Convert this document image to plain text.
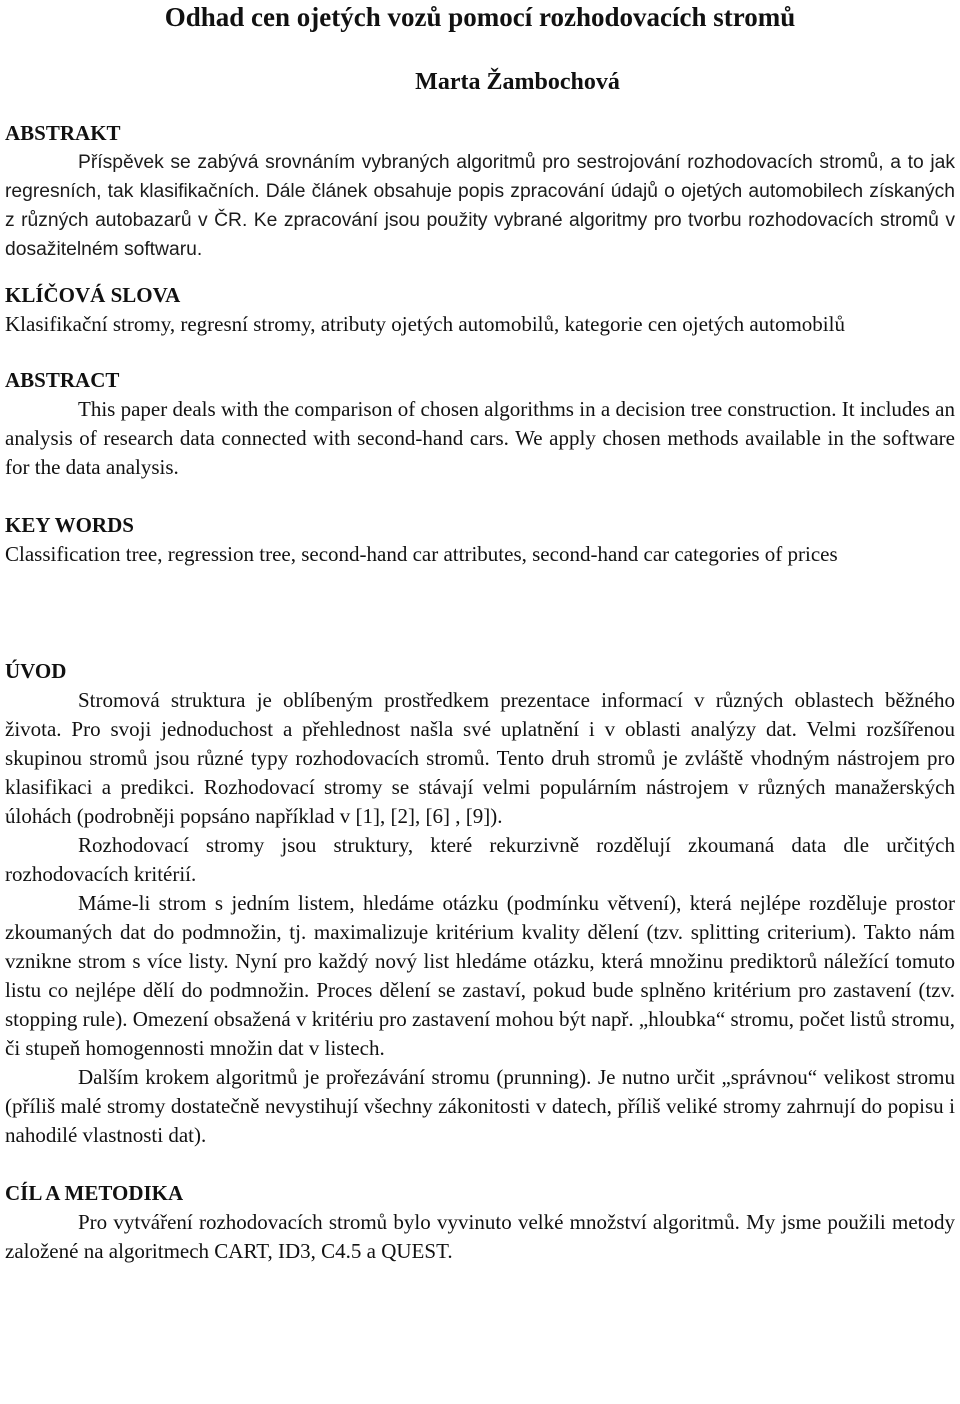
Odhad cen ojetých vozů pomocí rozhodovacích stromů
Marta Žambochová
ABSTRAKT

Příspěvek se zabývá srovnáním vybraných algoritmů pro sestrojování rozhodovacích stromů, a to jak regresních, tak klasifikačních. Dále článek obsahuje popis zpracování údajů o ojetých automobilech získaných z různých autobazarů v ČR. Ke zpracování jsou použity vybrané algoritmy pro tvorbu rozhodovacích stromů v dosažitelném softwaru.

KLÍČOVÁ SLOVA

Klasifikační stromy, regresní stromy, atributy ojetých automobilů, kategorie cen ojetých automobilů

ABSTRACT

This paper deals with the comparison of chosen algorithms in a decision tree construction. It includes an analysis of research data connected with second-hand cars. We apply chosen methods available in the software for the data analysis.

KEY WORDS

Classification tree, regression tree, second-hand car attributes, second-hand car categories of prices

ÚVOD

Stromová struktura je oblíbeným prostředkem prezentace informací v různých oblastech běžného života. Pro svoji jednoduchost a přehlednost našla své uplatnění i v oblasti analýzy dat. Velmi rozšířenou skupinou stromů jsou různé typy rozhodovacích stromů. Tento druh stromů je zvláště vhodným nástrojem pro klasifikaci a predikci. Rozhodovací stromy se stávají velmi populárním nástrojem v různých manažerských úlohách (podrobněji popsáno například v [1], [2], [6] , [9]).

Rozhodovací stromy jsou struktury, které rekurzivně rozdělují zkoumaná data dle určitých rozhodovacích kritérií.

Máme-li strom s jedním listem, hledáme otázku (podmínku větvení), která nejlépe rozděluje prostor zkoumaných dat do podmnožin, tj. maximalizuje kritérium kvality dělení (tzv. splitting criterium). Takto nám vznikne strom s více listy. Nyní pro každý nový list hledáme otázku, která množinu prediktorů náležící tomuto listu co nejlépe dělí do podmnožin. Proces dělení se zastaví, pokud bude splněno kritérium pro zastavení (tzv. stopping rule). Omezení obsažená v kritériu pro zastavení mohou být např. „hloubka“ stromu, počet listů stromu, či stupeň homogennosti množin dat v listech.

Dalším krokem algoritmů je prořezávání stromu (prunning). Je nutno určit „správnou“ velikost stromu (příliš malé stromy dostatečně nevystihují všechny zákonitosti v datech, příliš veliké stromy zahrnují do popisu i nahodilé vlastnosti dat).

CÍL A METODIKA

Pro vytváření rozhodovacích stromů bylo vyvinuto velké množství algoritmů. My jsme použili metody založené na algoritmech CART, ID3, C4.5 a QUEST.
